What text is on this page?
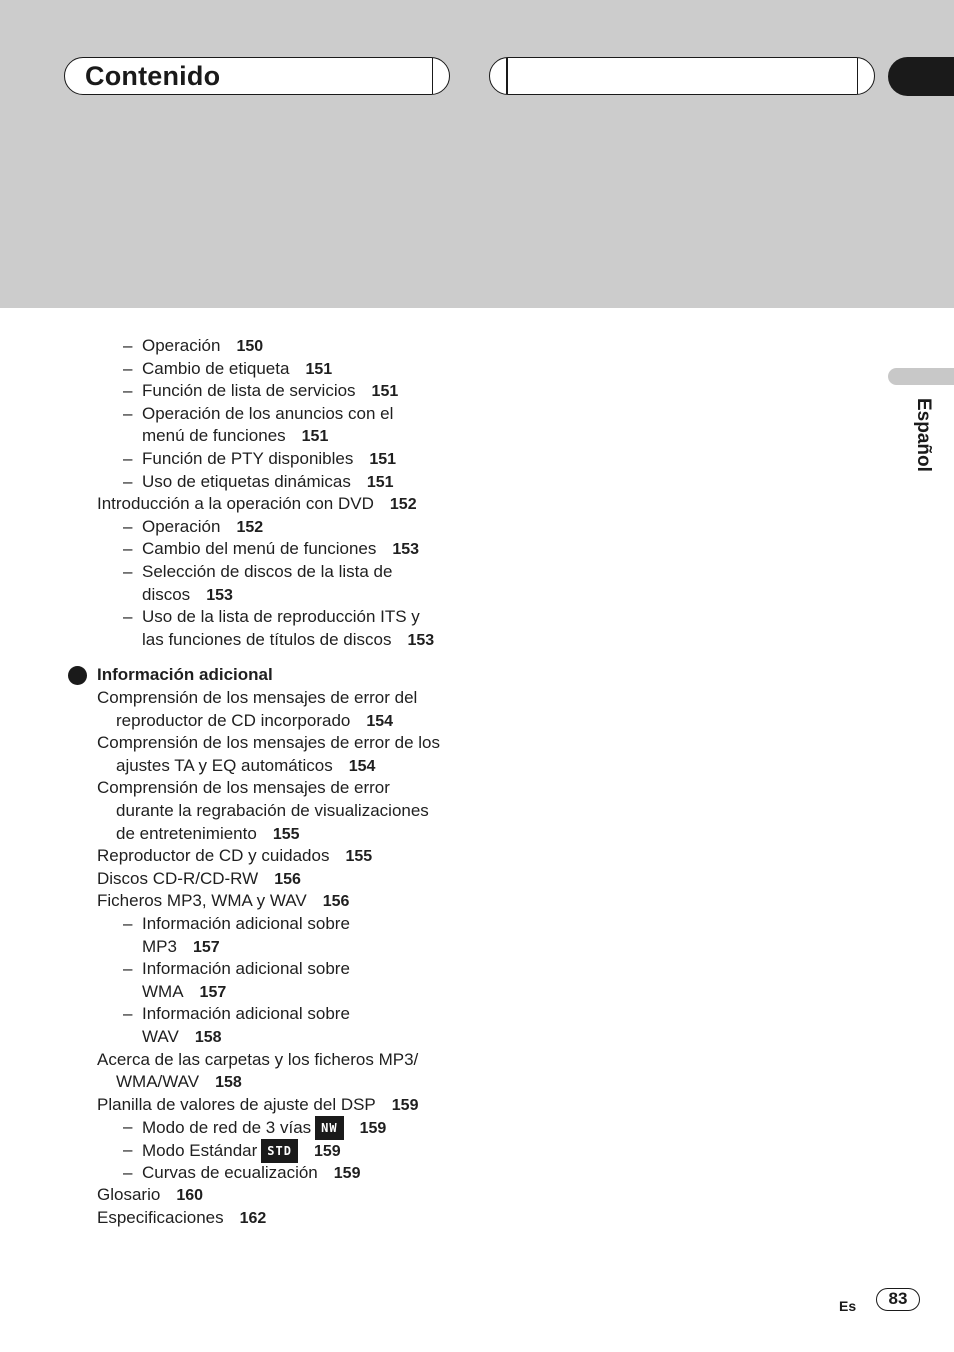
Contenido
Español
Operación 150
–
Cambio de etiqueta 151
–
Función de lista de servicios 151
–
Operación de los anuncios con el
–
menú de funciones 151
Función de PTY disponibles 151
–
Uso de etiquetas dinámicas 151
–
Introducción a la operación con DVD 152
Operación 152
–
Cambio del menú de funciones 153
–
Selección de discos de la lista de
–
discos 153
Uso de la lista de reproducción ITS y
–
las funciones de títulos de discos 153
Información adicional
Comprensión de los mensajes de error del
reproductor de CD incorporado 154
Comprensión de los mensajes de error de los
ajustes TA y EQ automáticos 154
Comprensión de los mensajes de error
durante la regrabación de visualizaciones
de entretenimiento 155
Reproductor de CD y cuidados 155
Discos CD-R/CD-RW 156
Ficheros MP3, WMA y WAV 156
Información adicional sobre
–
MP3 157
Información adicional sobre
–
WMA 157
Información adicional sobre
–
WAV 158
Acerca de las carpetas y los ficheros MP3/
WMA/WAV 158
Planilla de valores de ajuste del DSP 159
Modo de red de 3 vías NW 159
–
Modo Estándar STD 159
–
Curvas de ecualización 159
–
Glosario 160
Especificaciones 162
Es	83
